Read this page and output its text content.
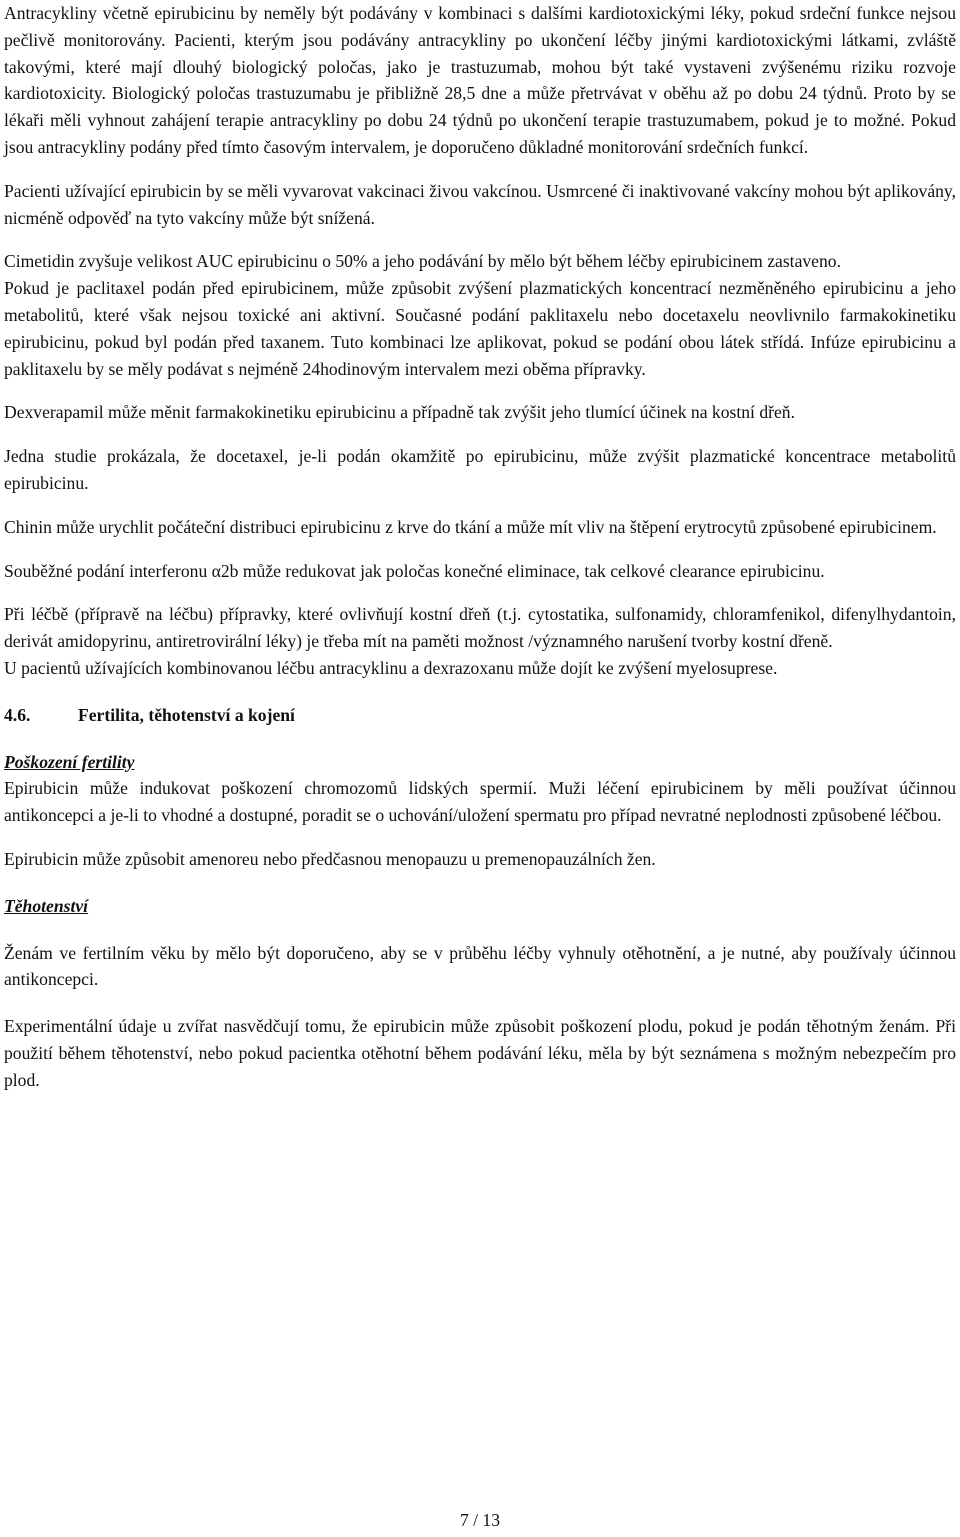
Antracykliny včetně epirubicinu by neměly být podávány v kombinaci s dalšími kardiotoxickými léky, pokud srdeční funkce nejsou pečlivě monitorovány. Pacienti, kterým jsou podávány antracykliny po ukončení léčby jinými kardiotoxickými látkami, zvláště takovými, které mají dlouhý biologický poločas, jako je trastuzumab, mohou být také vystaveni zvýšenému riziku rozvoje kardiotoxicity. Biologický poločas trastuzumabu je přibližně 28,5 dne a může přetrvávat v oběhu až po dobu 24 týdnů. Proto by se lékaři měli vyhnout zahájení terapie antracykliny po dobu 24 týdnů po ukončení terapie trastuzumabem, pokud je to možné. Pokud jsou antracykliny podány před tímto časovým intervalem, je doporučeno důkladné monitorování srdečních funkcí.

Pacienti užívající epirubicin by se měli vyvarovat vakcinaci živou vakcínou. Usmrcené či inaktivované vakcíny mohou být aplikovány, nicméně odpověď na tyto vakcíny může být snížená.

Cimetidin zvyšuje velikost AUC epirubicinu o 50% a jeho podávání by mělo být během léčby epirubicinem zastaveno.

Pokud je paclitaxel podán před epirubicinem, může způsobit zvýšení plazmatických koncentrací nezměněného epirubicinu a jeho metabolitů, které však nejsou toxické ani aktivní. Současné podání paklitaxelu nebo docetaxelu neovlivnilo farmakokinetiku epirubicinu, pokud byl podán před taxanem. Tuto kombinaci lze aplikovat, pokud se podání obou látek střídá. Infúze epirubicinu a paklitaxelu by se měly podávat s nejméně 24hodinovým intervalem mezi oběma přípravky.

Dexverapamil může měnit farmakokinetiku epirubicinu a případně tak zvýšit jeho tlumící účinek na kostní dřeň.

Jedna studie prokázala, že docetaxel, je-li podán okamžitě po epirubicinu, může zvýšit plazmatické koncentrace metabolitů epirubicinu.

Chinin může urychlit počáteční distribuci epirubicinu z krve do tkání a může mít vliv na štěpení erytrocytů způsobené epirubicinem.

Souběžné podání interferonu α2b může redukovat jak poločas konečné eliminace, tak celkové clearance epirubicinu.

Při léčbě (přípravě na léčbu) přípravky, které ovlivňují kostní dřeň (t.j. cytostatika, sulfonamidy, chloramfenikol, difenylhydantoin, derivát amidopyrinu, antiretrovirální léky) je třeba mít na paměti možnost /významného narušení tvorby kostní dřeně.

U pacientů užívajících kombinovanou léčbu antracyklinu a dexrazoxanu může dojít ke zvýšení myelosuprese.

4.6.	Fertilita, těhotenství a kojení
Poškození fertility

Epirubicin může indukovat poškození chromozomů lidských spermií. Muži léčení epirubicinem by měli používat účinnou antikoncepci a je-li to vhodné a dostupné, poradit se o uchování/uložení spermatu pro případ nevratné neplodnosti způsobené léčbou.

Epirubicin může způsobit amenoreu nebo předčasnou menopauzu u premenopauzálních žen.

Těhotenství

Ženám ve fertilním věku by mělo být doporučeno, aby se v průběhu léčby vyhnuly otěhotnění, a je nutné, aby používaly účinnou antikoncepci.

Experimentální údaje u zvířat nasvědčují tomu, že epirubicin může způsobit poškození plodu, pokud je podán těhotným ženám. Při použití během těhotenství, nebo pokud pacientka otěhotní během podávání léku, měla by být seznámena s možným nebezpečím pro plod.

7 / 13
